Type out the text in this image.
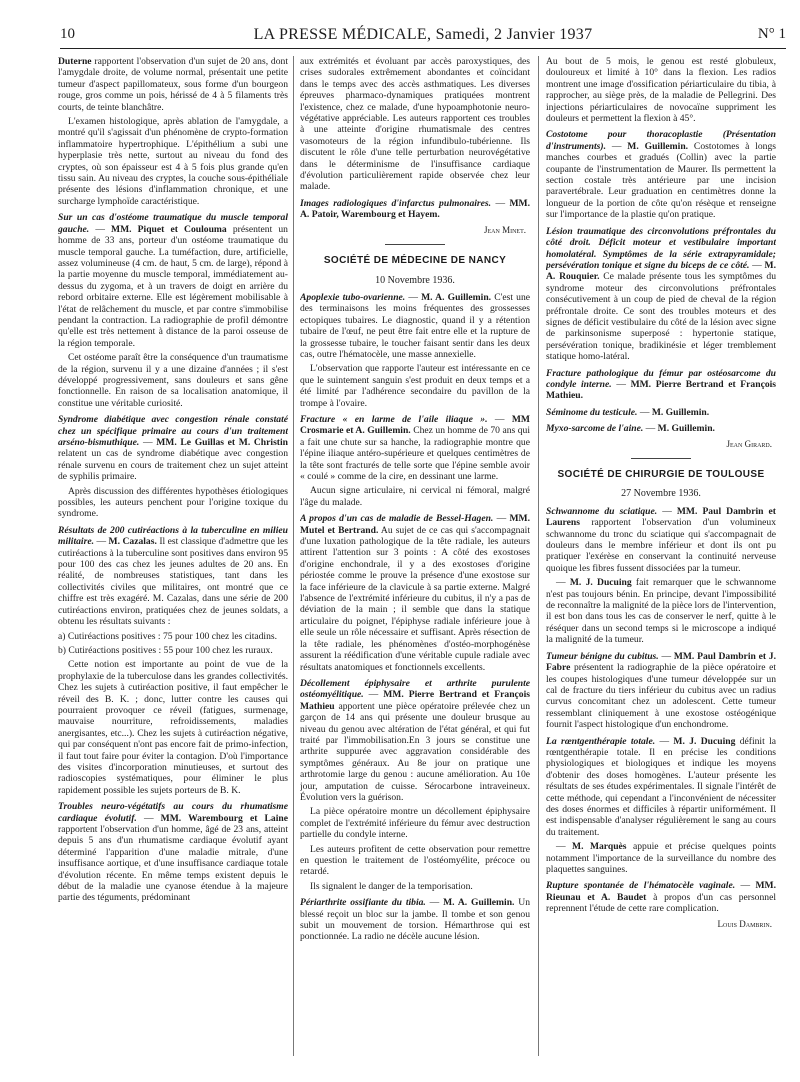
10	LA PRESSE MÉDICALE, Samedi, 2 Janvier 1937	N° 1

Duterne rapportent l'observation d'un sujet de 20 ans, dont l'amygdale droite, de volume normal, présentait une petite tumeur d'aspect papillomateux, sous forme d'un bourgeon rouge, gros comme un pois, hérissé de 4 à 5 filaments très courts, de teinte blanchâtre.

L'examen histologique, après ablation de l'amygdale, a montré qu'il s'agissait d'un phénomène de crypto-formation inflammatoire hypertrophique. L'épithélium a subi une hyperplasie très nette, surtout au niveau du fond des cryptes, où son épaisseur est 4 à 5 fois plus grande qu'en tissu sain. Au niveau des cryptes, la couche sous-épithéliale présente des lésions d'inflammation chronique, et une surcharge lymphoïde caractéristique.

Sur un cas d'ostéome traumatique du muscle temporal gauche. — MM. Piquet et Coulouma présentent un homme de 33 ans, porteur d'un ostéome traumatique du muscle temporal gauche. La tuméfaction, dure, artificielle, assez volumineuse (4 cm. de haut, 5 cm. de large), répond à la partie moyenne du muscle temporal, immédiatement au-dessus du zygoma, et à un travers de doigt en arrière du rebord orbitaire externe. Elle est légèrement mobilisable à l'état de relâchement du muscle, et par contre s'immobilise pendant la contraction. La radiographie de profil démontre qu'elle est très nettement à distance de la paroi osseuse de la région temporale.

Cet ostéome paraît être la conséquence d'un traumatisme de la région, survenu il y a une dizaine d'années ; il s'est développé progressivement, sans douleurs et sans gêne fonctionnelle. En raison de sa localisation anatomique, il constitue une véritable curiosité.

Syndrome diabétique avec congestion rénale constaté chez un spécifique primaire au cours d'un traitement arséno-bismuthique. — MM. Le Guillas et M. Christin relatent un cas de syndrome diabétique avec congestion rénale survenu en cours de traitement chez un sujet atteint de syphilis primaire.

Après discussion des différentes hypothèses étiologiques possibles, les auteurs penchent pour l'origine toxique du syndrome.

Résultats de 200 cutiréactions à la tuberculine en milieu militaire. — M. Cazalas. Il est classique d'admettre que les cutiréactions à la tuberculine sont positives dans environ 95 pour 100 des cas chez les jeunes adultes de 20 ans. En réalité, de nombreuses statistiques, tant dans les collectivités civiles que militaires, ont montré que ce chiffre est très exagéré. M. Cazalas, dans une série de 200 cutiréactions environ, pratiquées chez de jeunes soldats, a obtenu les résultats suivants :

a) Cutiréactions positives : 75 pour 100 chez les citadins.

b) Cutiréactions positives : 55 pour 100 chez les ruraux.

Cette notion est importante au point de vue de la prophylaxie de la tuberculose dans les grandes collectivités. Chez les sujets à cutiréaction positive, il faut empêcher le réveil des B. K. ; donc, lutter contre les causes qui pourraient provoquer ce réveil (fatigues, surmenage, mauvaise nourriture, refroidissements, maladies anergisantes, etc...). Chez les sujets à cutiréaction négative, qui par conséquent n'ont pas encore fait de primo-infection, il faut tout faire pour éviter la contagion. D'où l'importance des visites d'incorporation minutieuses, et surtout des radioscopies systématiques, pour éliminer le plus rapidement possible les sujets porteurs de B. K.

Troubles neuro-végétatifs au cours du rhumatisme cardiaque évolutif. — MM. Warembourg et Laine rapportent l'observation d'un homme, âgé de 23 ans, atteint depuis 5 ans d'un rhumatisme cardiaque évolutif ayant déterminé l'apparition d'une maladie mitrale, d'une insuffisance aortique, et d'une insuffisance cardiaque totale d'évolution récente. En même temps existent depuis le début de la maladie une cyanose étendue à la majeure partie des téguments, prédominant

aux extrémités et évoluant par accès paroxystiques, des crises sudorales extrêmement abondantes et coïncidant dans le temps avec des accès asthmatiques. Les diverses épreuves pharmaco-dynamiques pratiquées montrent l'existence, chez ce malade, d'une hypoamphotonie neuro-végétative appréciable. Les auteurs rapportent ces troubles à une atteinte d'origine rhumatismale des centres vasomoteurs de la région infundibulo-tubérienne. Ils discutent le rôle d'une telle perturbation neurovégétative dans le déterminisme de l'insuffisance cardiaque d'évolution particulièrement rapide observée chez leur malade.

Images radiologiques d'infarctus pulmonaires. — MM. A. Patoir, Warembourg et Hayem.

Jean Minet.

SOCIÉTÉ DE MÉDECINE DE NANCY
10 Novembre 1936.

Apoplexie tubo-ovarienne. — M. A. Guillemin. C'est une des terminaisons les moins fréquentes des grossesses ectopiques tubaires. Le diagnostic, quand il y a rétention tubaire de l'œuf, ne peut être fait entre elle et la rupture de la grossesse tubaire, le toucher faisant sentir dans les deux cas, outre l'hématocèle, une masse annexielle.

L'observation que rapporte l'auteur est intéressante en ce que le suintement sanguin s'est produit en deux temps et a été limité par l'adhérence secondaire du pavillon de la trompe à l'ovaire.

Fracture « en larme de l'aile iliaque ». — MM Crosmarie et A. Guillemin. Chez un homme de 70 ans qui a fait une chute sur sa hanche, la radiographie montre que l'épine iliaque antéro-supérieure et quelques centimètres de la tête sont fracturés de telle sorte que l'épine semble avoir « coulé » comme de la cire, en dessinant une larme.

Aucun signe articulaire, ni cervical ni fémoral, malgré l'âge du malade.

A propos d'un cas de maladie de Bessel-Hagen. — MM. Mutel et Bertrand. Au sujet de ce cas qui s'accompagnait d'une luxation pathologique de la tête radiale, les auteurs attirent l'attention sur 3 points : A côté des exostoses d'origine enchondrale, il y a des exostoses d'origine périostée comme le prouve la présence d'une exostose sur la face inférieure de la clavicule à sa partie externe. Malgré l'absence de l'extrémité inférieure du cubitus, il n'y a pas de déviation de la main ; il semble que dans la statique articulaire du poignet, l'épiphyse radiale inférieure joue à elle seule un rôle nécessaire et suffisant. Après résection de la tête radiale, les phénomènes d'ostéo-morphogénèse assurent la réédification d'une véritable cupule radiale avec résultats anatomiques et fonctionnels excellents.

Décollement épiphysaire et arthrite purulente ostéomyélitique. — MM. Pierre Bertrand et François Mathieu apportent une pièce opératoire prélevée chez un garçon de 14 ans qui présente une douleur brusque au niveau du genou avec altération de l'état général, et qui fut traité par l'immobilisation.En 3 jours se constitue une arthrite suppurée avec aggravation considérable des symptômes généraux. Au 8e jour on pratique une arthrotomie large du genou : aucune amélioration. Au 10e jour, amputation de cuisse. Sérocarbone intraveineux. Évolution vers la guérison.

La pièce opératoire montre un décollement épiphysaire complet de l'extrémité inférieure du fémur avec destruction partielle du condyle interne.

Les auteurs profitent de cette observation pour remettre en question le traitement de l'ostéomyélite, précoce ou retardé.

Ils signalent le danger de la temporisation.

Périarthrite ossifiante du tibia. — M. A. Guillemin. Un blessé reçoit un bloc sur la jambe. Il tombe et son genou subit un mouvement de torsion. Hémarthrose qui est ponctionnée. La radio ne décèle aucune lésion.

Au bout de 5 mois, le genou est resté globuleux, douloureux et limité à 10° dans la flexion. Les radios montrent une image d'ossification périarticulaire du tibia, à rapprocher, au siège près, de la maladie de Pellegrini. Des injections périarticulaires de novocaïne suppriment les douleurs et permettent la flexion à 45°.

Costotome pour thoracoplastie (Présentation d'instruments). — M. Guillemin. Costotomes à longs manches courbes et gradués (Collin) avec la partie coupante de l'instrumentation de Maurer. Ils permettent la section costale très antérieure par une incision paravertébrale. Leur graduation en centimètres donne la longueur de la portion de côte qu'on résèque et renseigne sur l'importance de la plastie qu'on pratique.

Lésion traumatique des circonvolutions préfrontales du côté droit. Déficit moteur et vestibulaire important homolatéral. Symptômes de la série extrapyramidale; persévération tonique et signe du biceps de ce côté. — M. A. Rouquier. Ce malade présente tous les symptômes du syndrome moteur des circonvolutions préfrontales consécutivement à un coup de pied de cheval de la région préfrontale droite. Ce sont des troubles moteurs et des signes de déficit vestibulaire du côté de la lésion avec signe de parkinsonisme superposé : hypertonie statique, persévération tonique, bradikinésie et léger tremblement statique homo-latéral.

Fracture pathologique du fémur par ostéosarcome du condyle interne. — MM. Pierre Bertrand et François Mathieu.

Séminome du testicule. — M. Guillemin.

Myxo-sarcome de l'aine. — M. Guillemin.

Jean Girard.

SOCIÉTÉ DE CHIRURGIE DE TOULOUSE
27 Novembre 1936.

Schwannome du sciatique. — MM. Paul Dambrin et Laurens rapportent l'observation d'un volumineux schwannome du tronc du sciatique qui s'accompagnait de douleurs dans le membre inférieur et dont ils ont pu pratiquer l'exérèse en conservant la continuité nerveuse quoique les fibres fussent dissociées par la tumeur.

— M. J. Ducuing fait remarquer que le schwannome n'est pas toujours bénin. En principe, devant l'impossibilité de reconnaître la malignité de la pièce lors de l'intervention, il est bon dans tous les cas de conserver le nerf, quitte à le réséquer dans un second temps si le microscope a indiqué la malignité de la tumeur.

Tumeur bénigne du cubitus. — MM. Paul Dambrin et J. Fabre présentent la radiographie de la pièce opératoire et les coupes histologiques d'une tumeur développée sur un cal de fracture du tiers inférieur du cubitus avec un radius curvus concomitant chez un adolescent. Cette tumeur ressemblant cliniquement à une exostose ostéogénique fournit l'aspect histologique d'un enchondrome.

La rœntgenthérapie totale. — M. J. Ducuing définit la rœntgenthérapie totale. Il en précise les conditions physiologiques et biologiques et indique les moyens d'obtenir des doses homogènes. L'auteur présente les résultats de ses études expérimentales. Il signale l'intérêt de cette méthode, qui cependant a l'inconvénient de nécessiter des doses énormes et difficiles à répartir uniformément. Il est indispensable d'analyser régulièrement le sang au cours du traitement.

— M. Marquès appuie et précise quelques points notamment l'importance de la surveillance du nombre des plaquettes sanguines.

Rupture spontanée de l'hématocèle vaginale. — MM. Rieunau et A. Baudet à propos d'un cas personnel reprennent l'étude de cette rare complication.

Louis Dambrin.
